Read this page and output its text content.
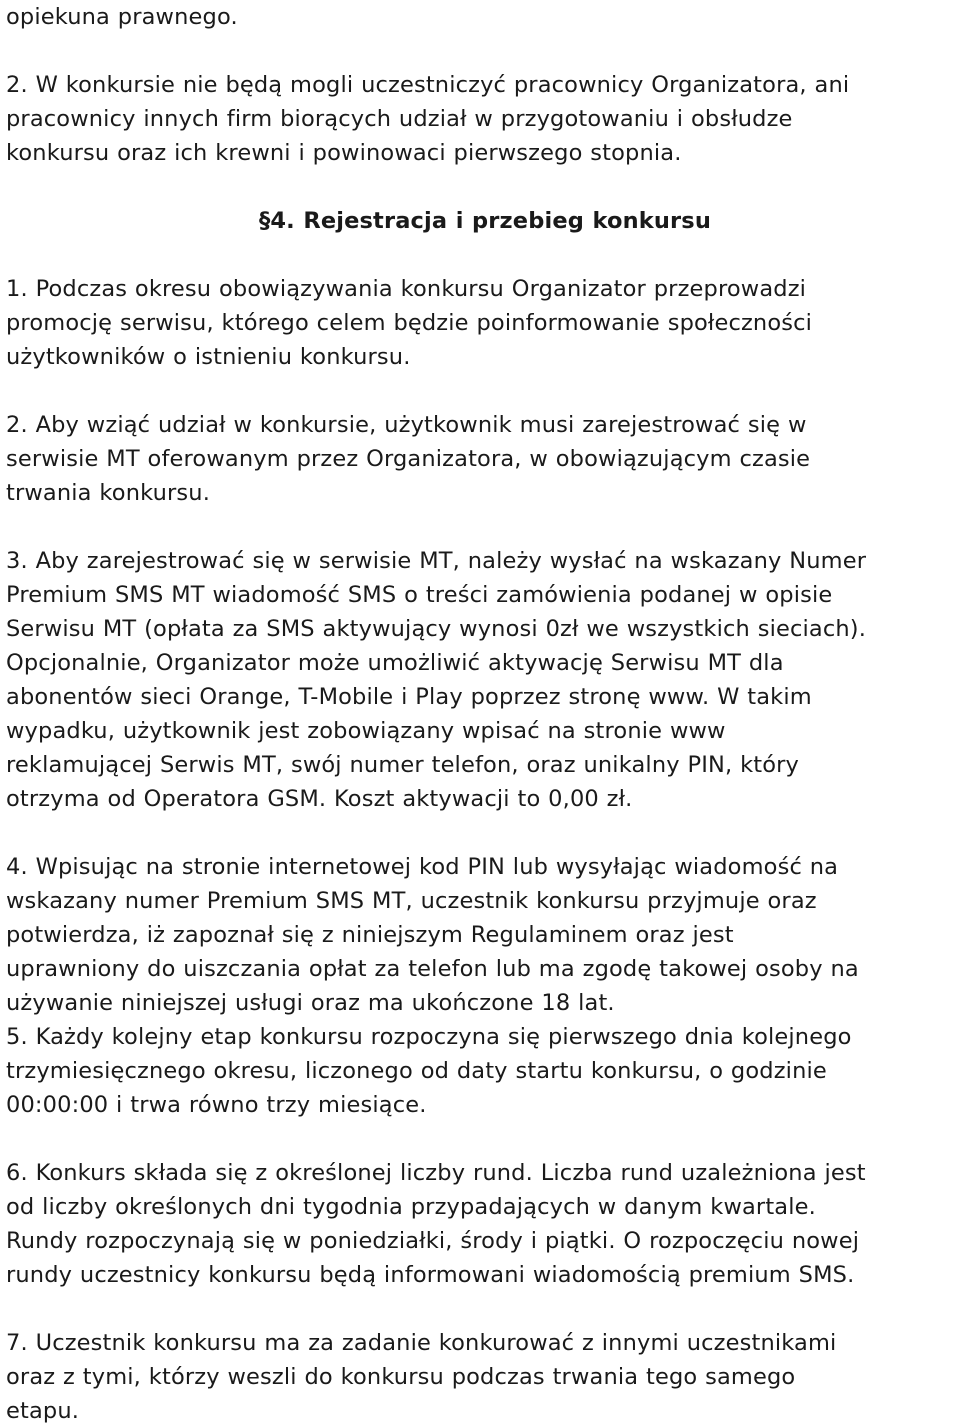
opiekuna prawnego.

2. W konkursie nie będą mogli uczestniczyć pracownicy Organizatora, ani
pracownicy innych firm biorących udział w przygotowaniu i obsłudze
konkursu oraz ich krewni i powinowaci pierwszego stopnia.

§4. Rejestracja i przebieg konkursu

1. Podczas okresu obowiązywania konkursu Organizator przeprowadzi
promocję serwisu, którego celem będzie poinformowanie społeczności
użytkowników o istnieniu konkursu.

2. Aby wziąć udział w konkursie, użytkownik musi zarejestrować się w
serwisie MT oferowanym przez Organizatora, w obowiązującym czasie
trwania konkursu.

3. Aby zarejestrować się w serwisie MT, należy wysłać na wskazany Numer
Premium SMS MT wiadomość SMS o treści zamówienia podanej w opisie
Serwisu MT (opłata za SMS aktywujący wynosi 0zł we wszystkich sieciach).
Opcjonalnie, Organizator może umożliwić aktywację Serwisu MT dla
abonentów sieci Orange, T-Mobile i Play poprzez stronę www. W takim
wypadku, użytkownik jest zobowiązany wpisać na stronie www
reklamującej Serwis MT, swój numer telefon, oraz unikalny PIN, który
otrzyma od Operatora GSM. Koszt aktywacji to 0,00 zł.

4. Wpisując na stronie internetowej kod PIN lub wysyłając wiadomość na
wskazany numer Premium SMS MT, uczestnik konkursu przyjmuje oraz
potwierdza, iż zapoznał się z niniejszym Regulaminem oraz jest
uprawniony do uiszczania opłat za telefon lub ma zgodę takowej osoby na
używanie niniejszej usługi oraz ma ukończone 18 lat.

5. Każdy kolejny etap konkursu rozpoczyna się pierwszego dnia kolejnego
trzymiesięcznego okresu, liczonego od daty startu konkursu, o godzinie
00:00:00 i trwa równo trzy miesiące.

6. Konkurs składa się z określonej liczby rund. Liczba rund uzależniona jest
od liczby określonych dni tygodnia przypadających w danym kwartale.
Rundy rozpoczynają się w poniedziałki, środy i piątki. O rozpoczęciu nowej
rundy uczestnicy konkursu będą informowani wiadomością premium SMS.

7. Uczestnik konkursu ma za zadanie konkurować z innymi uczestnikami
oraz z tymi, którzy weszli do konkursu podczas trwania tego samego
etapu.
